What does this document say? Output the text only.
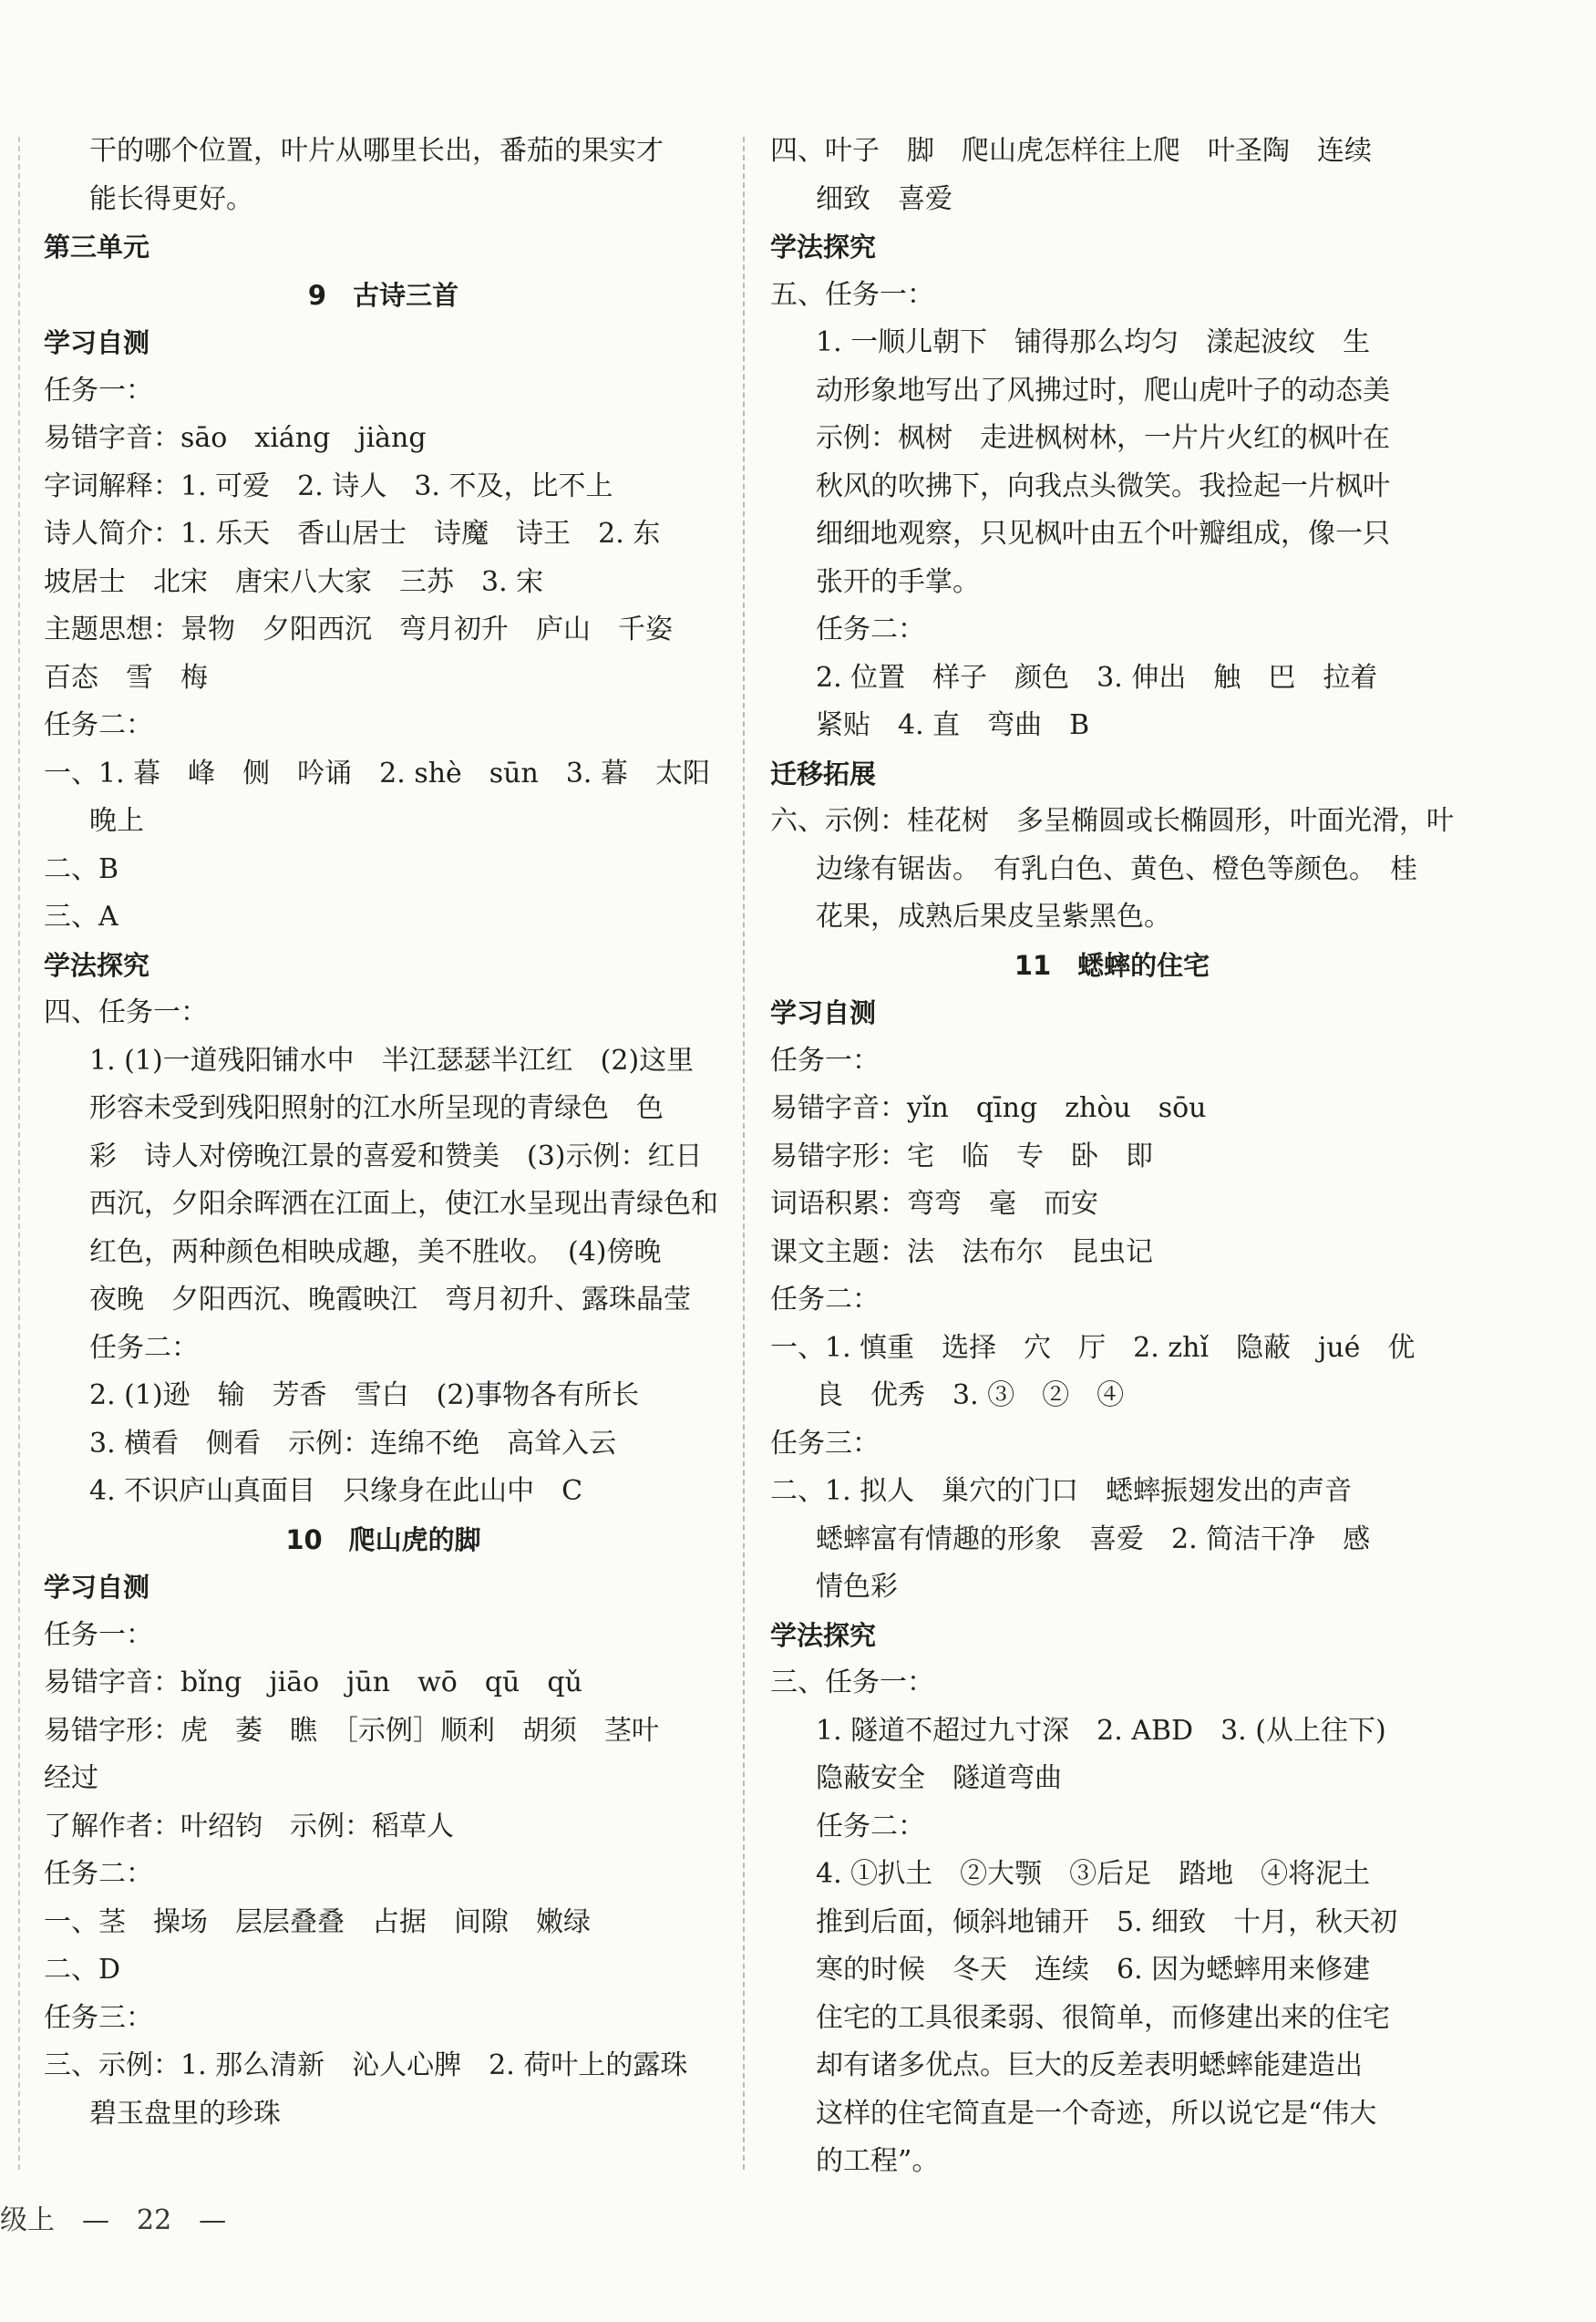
干的哪个位置，叶片从哪里长出，番茄的果实才
能长得更好。
第三单元
9　古诗三首
学习自测
任务一：
易错字音：sāo　xiáng　jiàng
字词解释：1. 可爱　2. 诗人　3. 不及，比不上
诗人简介：1. 乐天　香山居士　诗魔　诗王　2. 东
坡居士　北宋　唐宋八大家　三苏　3. 宋
主题思想：景物　夕阳西沉　弯月初升　庐山　千姿
百态　雪　梅
任务二：
一、1. 暮　峰　侧　吟诵　2. shè　sūn　3. 暮　太阳
晚上
二、B
三、A
学法探究
四、任务一：
1. (1)一道残阳铺水中　半江瑟瑟半江红　(2)这里
形容未受到残阳照射的江水所呈现的青绿色　色
彩　诗人对傍晚江景的喜爱和赞美　(3)示例：红日
西沉，夕阳余晖洒在江面上，使江水呈现出青绿色和
红色，两种颜色相映成趣，美不胜收。　(4)傍晚
夜晚　夕阳西沉、晚霞映江　弯月初升、露珠晶莹
任务二：
2. (1)逊　输　芳香　雪白　(2)事物各有所长
3. 横看　侧看　示例：连绵不绝　高耸入云
4. 不识庐山真面目　只缘身在此山中　C
10　爬山虎的脚
学习自测
任务一：
易错字音：bǐng　jiāo　jūn　wō　qū　qǔ
易错字形：虎　萎　瞧　［示例］顺利　胡须　茎叶
经过
了解作者：叶绍钧　示例：稻草人
任务二：
一、茎　操场　层层叠叠　占据　间隙　嫩绿
二、D
任务三：
三、示例：1. 那么清新　沁人心脾　2. 荷叶上的露珠
碧玉盘里的珍珠
四、叶子　脚　爬山虎怎样往上爬　叶圣陶　连续
细致　喜爱
学法探究
五、任务一：
1. 一顺儿朝下　铺得那么均匀　漾起波纹　生
动形象地写出了风拂过时，爬山虎叶子的动态美
示例：枫树　走进枫树林，一片片火红的枫叶在
秋风的吹拂下，向我点头微笑。我捡起一片枫叶
细细地观察，只见枫叶由五个叶瓣组成，像一只
张开的手掌。
任务二：
2. 位置　样子　颜色　3. 伸出　触　巴　拉着
紧贴　4. 直　弯曲　B
迁移拓展
六、示例：桂花树　多呈椭圆或长椭圆形，叶面光滑，叶
边缘有锯齿。　有乳白色、黄色、橙色等颜色。　桂
花果，成熟后果皮呈紫黑色。
11　蟋蟀的住宅
学习自测
任务一：
易错字音：yǐn　qīng　zhòu　sōu
易错字形：宅　临　专　卧　即
词语积累：弯弯　毫　而安
课文主题：法　法布尔　昆虫记
任务二：
一、1. 慎重　选择　穴　厅　2. zhǐ　隐蔽　jué　优
良　优秀　3. ③　②　④
任务三：
二、1. 拟人　巢穴的门口　蟋蟀振翅发出的声音
蟋蟀富有情趣的形象　喜爱　2. 简洁干净　感
情色彩
学法探究
三、任务一：
1. 隧道不超过九寸深　2. ABD　3. (从上往下)
隐蔽安全　隧道弯曲
任务二：
4. ①扒土　②大颚　③后足　踏地　④将泥土
推到后面，倾斜地铺开　5. 细致　十月，秋天初
寒的时候　冬天　连续　6. 因为蟋蟀用来修建
住宅的工具很柔弱、很简单，而修建出来的住宅
却有诸多优点。巨大的反差表明蟋蟀能建造出
这样的住宅简直是一个奇迹，所以说它是“伟大
的工程”。
级上　—　22　—
